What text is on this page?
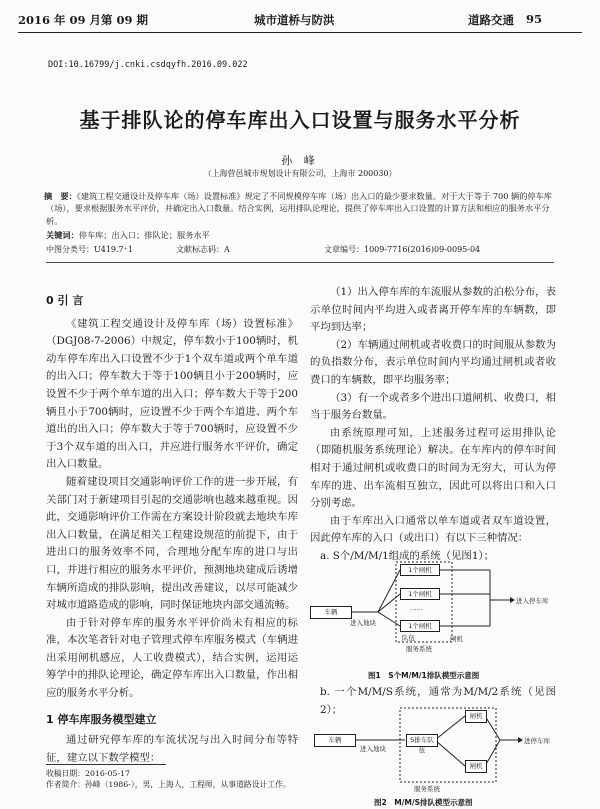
2016 年 09 月第 09 期	城市道桥与防洪	道路交通 95
DOI:10.16799/j.cnki.csdqyfh.2016.09.022
基于排队论的停车库出入口设置与服务水平分析
孙 峰
（上海营邑城市规划设计有限公司，上海市 200030）
摘　要：《建筑工程交通设计及停车库（场）设置标准》规定了不同规模停车库（场）出入口的最少要求数量。对于大于等于 700 辆的停车库（场），要求根据服务水平评价，并确定出入口数量。结合实例，运用排队论理论，提供了停车库出入口设置的计算方法和相应的服务水平分析。
关键词：停车库；出入口；排队论；服务水平
中图分类号：U419.7⁺1	文献标志码：A	文章编号：1009-7716(2016)09-0095-04

0 引 言

《建筑工程交通设计及停车库（场）设置标准》（DGJ08-7-2006）中规定，停车数小于100辆时，机动车停车库出入口设置不少于1个双车道或两个单车道的出入口；停车数大于等于100辆且小于200辆时，应设置不少于两个单车道的出入口；停车数大于等于200辆且小于700辆时，应设置不少于两个车道进、两个车道出的出入口；停车数大于等于700辆时，应设置不少于3个双车道的出入口，并应进行服务水平评价，确定出入口数量。

随着建设项目交通影响评价工作的进一步开展，有关部门对于新建项目引起的交通影响也越来越重视。因此，交通影响评价工作需在方案设计阶段就去地块车库出入口数量，在满足相关工程建设规范的前提下，由于进出口的服务效率不同，合理地分配车库的进口与出口，并进行相应的服务水平评价，预测地块建成后诱增车辆所造成的排队影响，提出改善建议，以尽可能减少对城市道路造成的影响，同时保证地块内部交通流畅。

由于针对停车库的服务水平评价尚未有相应的标准，本次笔者针对电子管理式停车库服务模式（车辆进出采用闸机感应，人工收费模式），结合实例，运用运筹学中的排队论理论，确定停车库出入口数量，作出相应的服务水平分析。

1 停车库服务模型建立

通过研究停车库的车流状况与出入时间分布等特征，建立以下数学模型：

收稿日期：2016-05-17
作者简介：孙峰（1986-），男，上海人，工程师，从事道路设计工作。

（1）出入停车库的车流服从参数的泊松分布，表示单位时间内平均进入或者离开停车库的车辆数，即平均到达率；

（2）车辆通过闸机或者收费口的时间服从参数为的负指数分布，表示单位时间内平均通过闸机或者收费口的车辆数，即平均服务率；

（3）有一个或者多个进出口道闸机、收费口，相当于服务台数量。

由系统原理可知，上述服务过程可运用排队论（即随机服务系统理论）解决。在车库内的停车时间相对于通过闸机或收费口的时间为无穷大，可认为停车库的进、出车流相互独立，因此可以将出口和入口分别考虑。

由于车库出入口通常以单车道或者双车道设置，因此停车库的入口（或出口）有以下三种情况：

a. S个/M/M/1组成的系统（见图1）；

车辆
进入地块
1个闸机
1个闸机
……
1个闸机
队伍
服务系统
闸机
进入停车库
图1　S个M/M/1排队模型示意图

b. 一个M/M/S系统，通常为M/M/2系统（见图2）；

车辆
进入地块
S排车队伍
闸机
闸机
服务系统
进停车库
图2　M/M/S排队模型示意图
